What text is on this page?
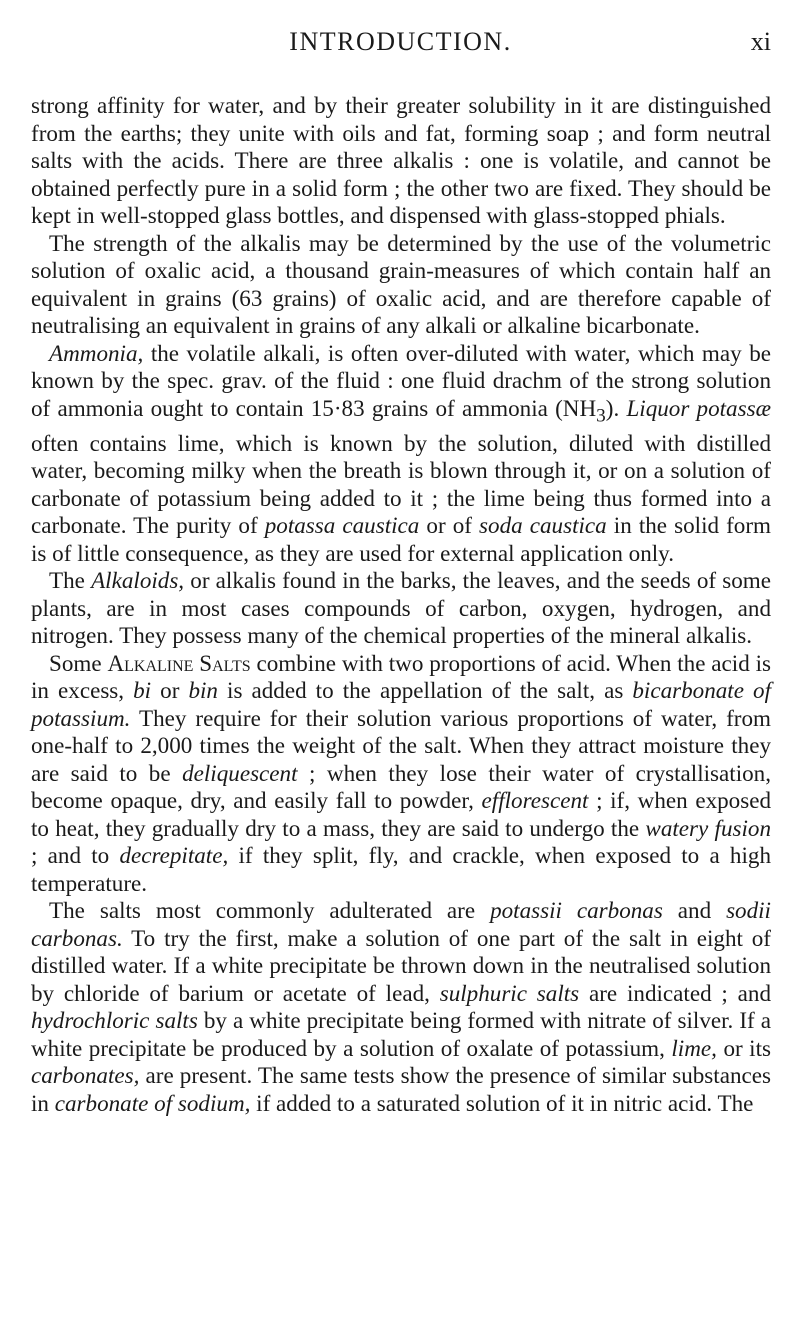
INTRODUCTION.	xi

strong affinity for water, and by their greater solubility in it are distinguished from the earths; they unite with oils and fat, forming soap ; and form neutral salts with the acids. There are three alkalis : one is volatile, and cannot be obtained perfectly pure in a solid form ; the other two are fixed. They should be kept in well-stopped glass bottles, and dispensed with glass-stopped phials.

The strength of the alkalis may be determined by the use of the volumetric solution of oxalic acid, a thousand grain-measures of which contain half an equivalent in grains (63 grains) of oxalic acid, and are therefore capable of neutralising an equivalent in grains of any alkali or alkaline bicarbonate.

Ammonia, the volatile alkali, is often over-diluted with water, which may be known by the spec. grav. of the fluid : one fluid drachm of the strong solution of ammonia ought to contain 15·83 grains of ammonia $(NH_3)$. Liquor potassæ often contains lime, which is known by the solution, diluted with distilled water, becoming milky when the breath is blown through it, or on a solution of carbonate of potassium being added to it ; the lime being thus formed into a carbonate. The purity of potassa caustica or of soda caustica in the solid form is of little consequence, as they are used for external application only.

The Alkaloids, or alkalis found in the barks, the leaves, and the seeds of some plants, are in most cases compounds of carbon, oxygen, hydrogen, and nitrogen. They possess many of the chemical properties of the mineral alkalis.

Some Alkaline Salts combine with two proportions of acid. When the acid is in excess, bi or bin is added to the appellation of the salt, as bicarbonate of potassium. They require for their solution various proportions of water, from one-half to 2,000 times the weight of the salt. When they attract moisture they are said to be deliquescent ; when they lose their water of crystallisation, become opaque, dry, and easily fall to powder, efflorescent ; if, when exposed to heat, they gradually dry to a mass, they are said to undergo the watery fusion ; and to decrepitate, if they split, fly, and crackle, when exposed to a high temperature.

The salts most commonly adulterated are potassii carbonas and sodii carbonas. To try the first, make a solution of one part of the salt in eight of distilled water. If a white precipitate be thrown down in the neutralised solution by chloride of barium or acetate of lead, sulphuric salts are indicated ; and hydrochloric salts by a white precipitate being formed with nitrate of silver. If a white precipitate be produced by a solution of oxalate of potassium, lime, or its carbonates, are present. The same tests show the presence of similar substances in carbonate of sodium, if added to a saturated solution of it in nitric acid. The
